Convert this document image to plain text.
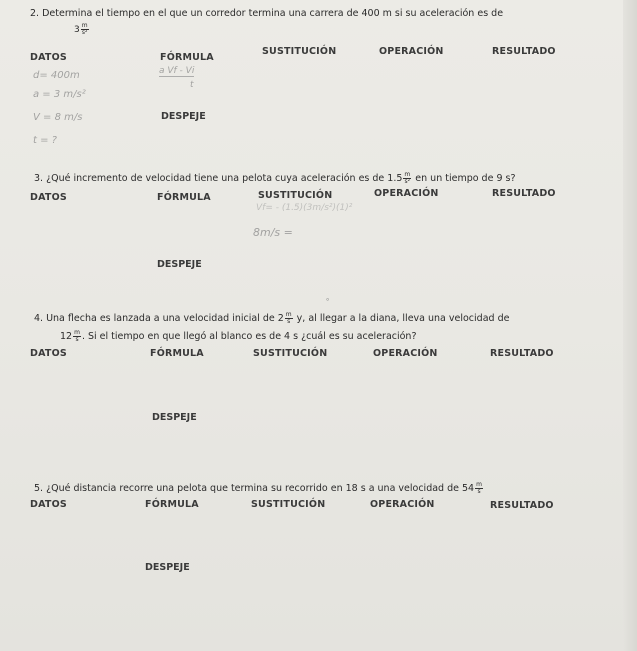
2. Determina el tiempo en el que un corredor termina una carrera de 400 m si su aceleración es de
$3 \frac{m}{\text{s²}}$
DATOS	FÓRMULA
SUSTITUCIÓN	OPERACIÓN	RESULTADO
d= 400m
a = 3 m/s²
V = 8 m/s
t = ?
a Vf - Vi
t
DESPEJE
3. ¿Qué incremento de velocidad tiene una pelota cuya aceleración es de $1.5 \frac{m}{\text{s²}}$ en un tiempo de 9 s?
DATOS	FÓRMULA	SUSTITUCIÓN	OPERACIÓN	RESULTADO
Vf= - (1.5)(3m/s²)(1)²
8m/s =
DESPEJE
∘
4. Una flecha es lanzada a una velocidad inicial de $2 \frac{m}{s} y$, al llegar a la diana, lleva una velocidad de
$12 \frac{m}{s}$ . Si el tiempo en que llegó al blanco es de 4 s ¿cuál es su aceleración?
DATOS	FÓRMULA	SUSTITUCIÓN	OPERACIÓN	RESULTADO
DESPEJE
5. ¿Qué distancia recorre una pelota que termina su recorrido en 18 s a una velocidad de $54 \frac{m}{s}$
DATOS	FÓRMULA	SUSTITUCIÓN	OPERACIÓN	RESULTADO
DESPEJE
